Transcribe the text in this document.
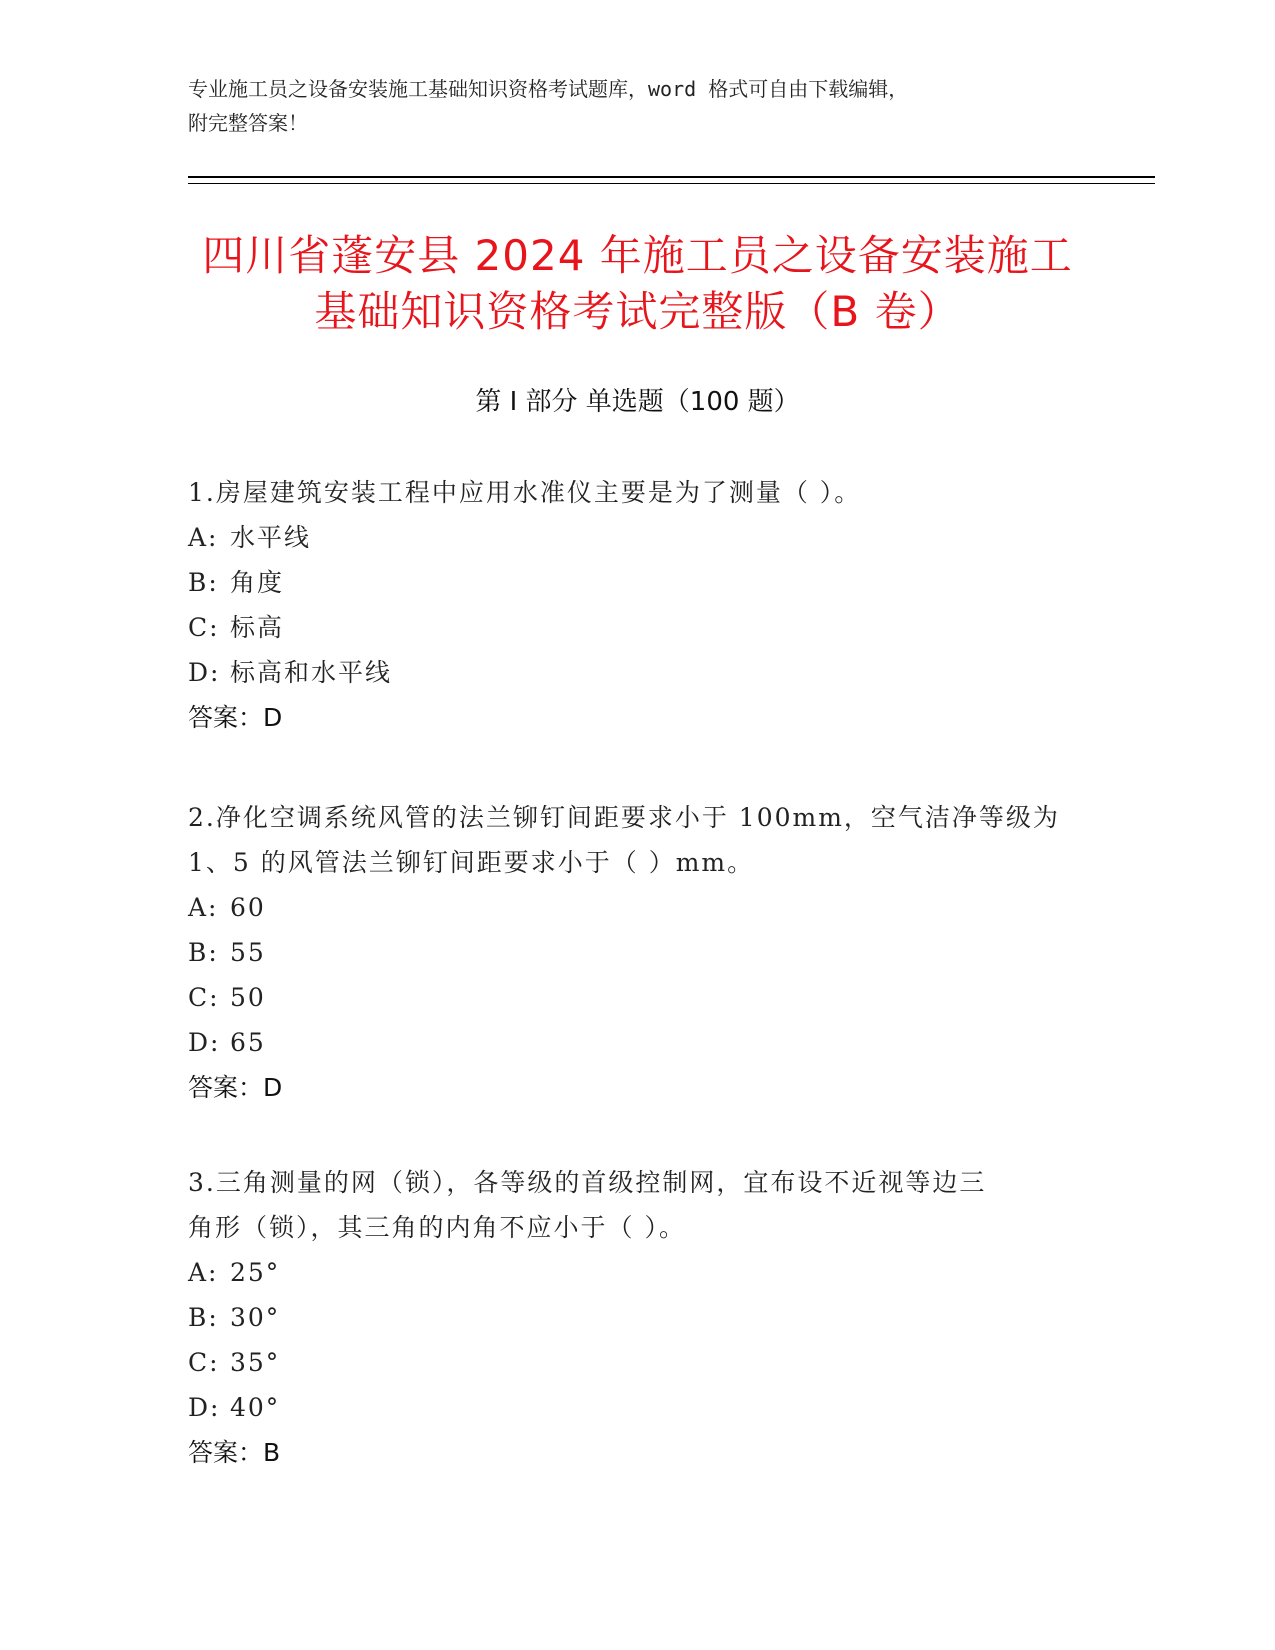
专业施工员之设备安装施工基础知识资格考试题库，word 格式可自由下载编辑，
附完整答案！
四川省蓬安县 2024 年施工员之设备安装施工
基础知识资格考试完整版（B 卷）
第 I 部分 单选题（100 题）
1.房屋建筑安装工程中应用水准仪主要是为了测量（ ）。
A: 水平线
B: 角度
C: 标高
D: 标高和水平线
答案：D
2.净化空调系统风管的法兰铆钉间距要求小于 100mm，空气洁净等级为
1、5 的风管法兰铆钉间距要求小于（ ）mm。
A: 60
B: 55
C: 50
D: 65
答案：D
3.三角测量的网（锁），各等级的首级控制网，宜布设不近视等边三
角形（锁），其三角的内角不应小于（ ）。
A: 25°
B: 30°
C: 35°
D: 40°
答案：B
